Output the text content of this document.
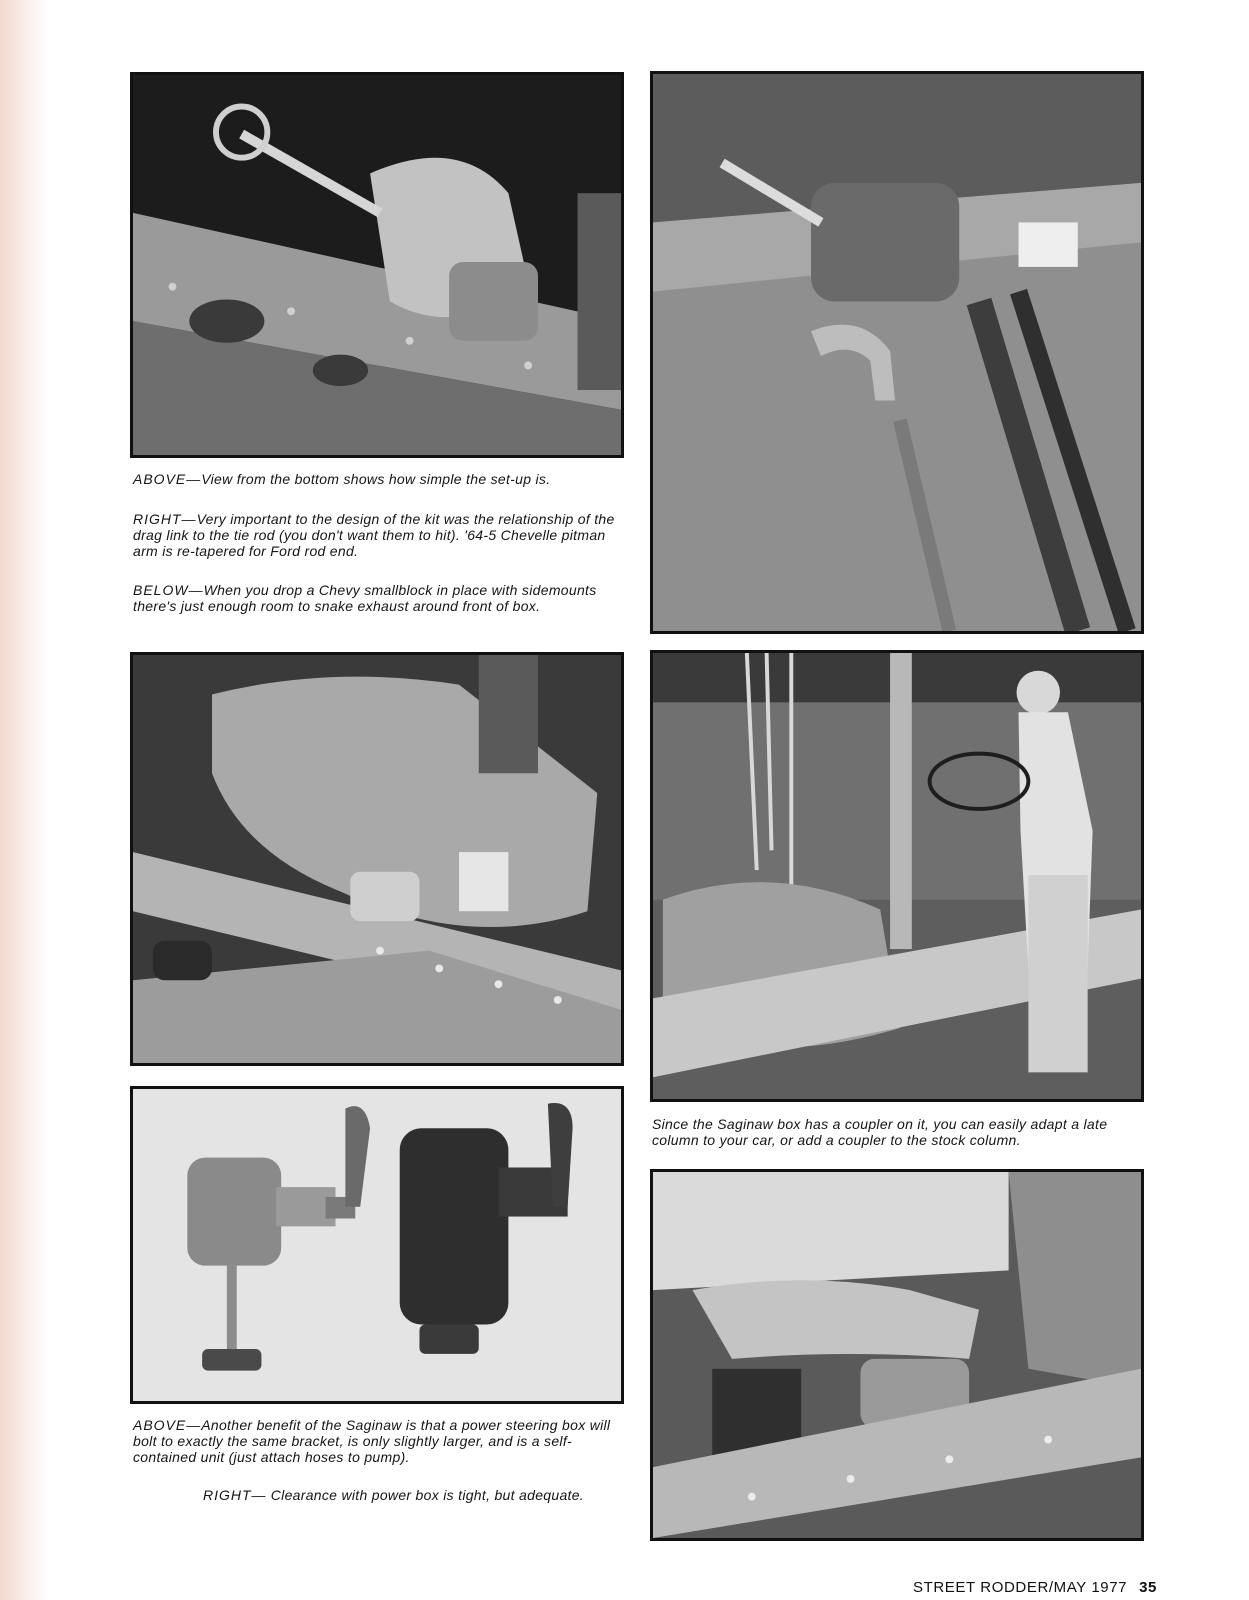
ABOVE—View from the bottom shows how simple the set-up is.

RIGHT—Very important to the design of the kit was the relationship of the drag link to the tie rod (you don't want them to hit). '64-5 Chevelle pitman arm is re-tapered for Ford rod end.

BELOW—When you drop a Chevy smallblock in place with sidemounts there's just enough room to snake exhaust around front of box.

Since the Saginaw box has a coupler on it, you can easily adapt a late column to your car, or add a coupler to the stock column.

ABOVE—Another benefit of the Saginaw is that a power steering box will bolt to exactly the same bracket, is only slightly larger, and is a self-contained unit (just attach hoses to pump).

RIGHT— Clearance with power box is tight, but adequate.

STREET RODDER/MAY 1977 35
